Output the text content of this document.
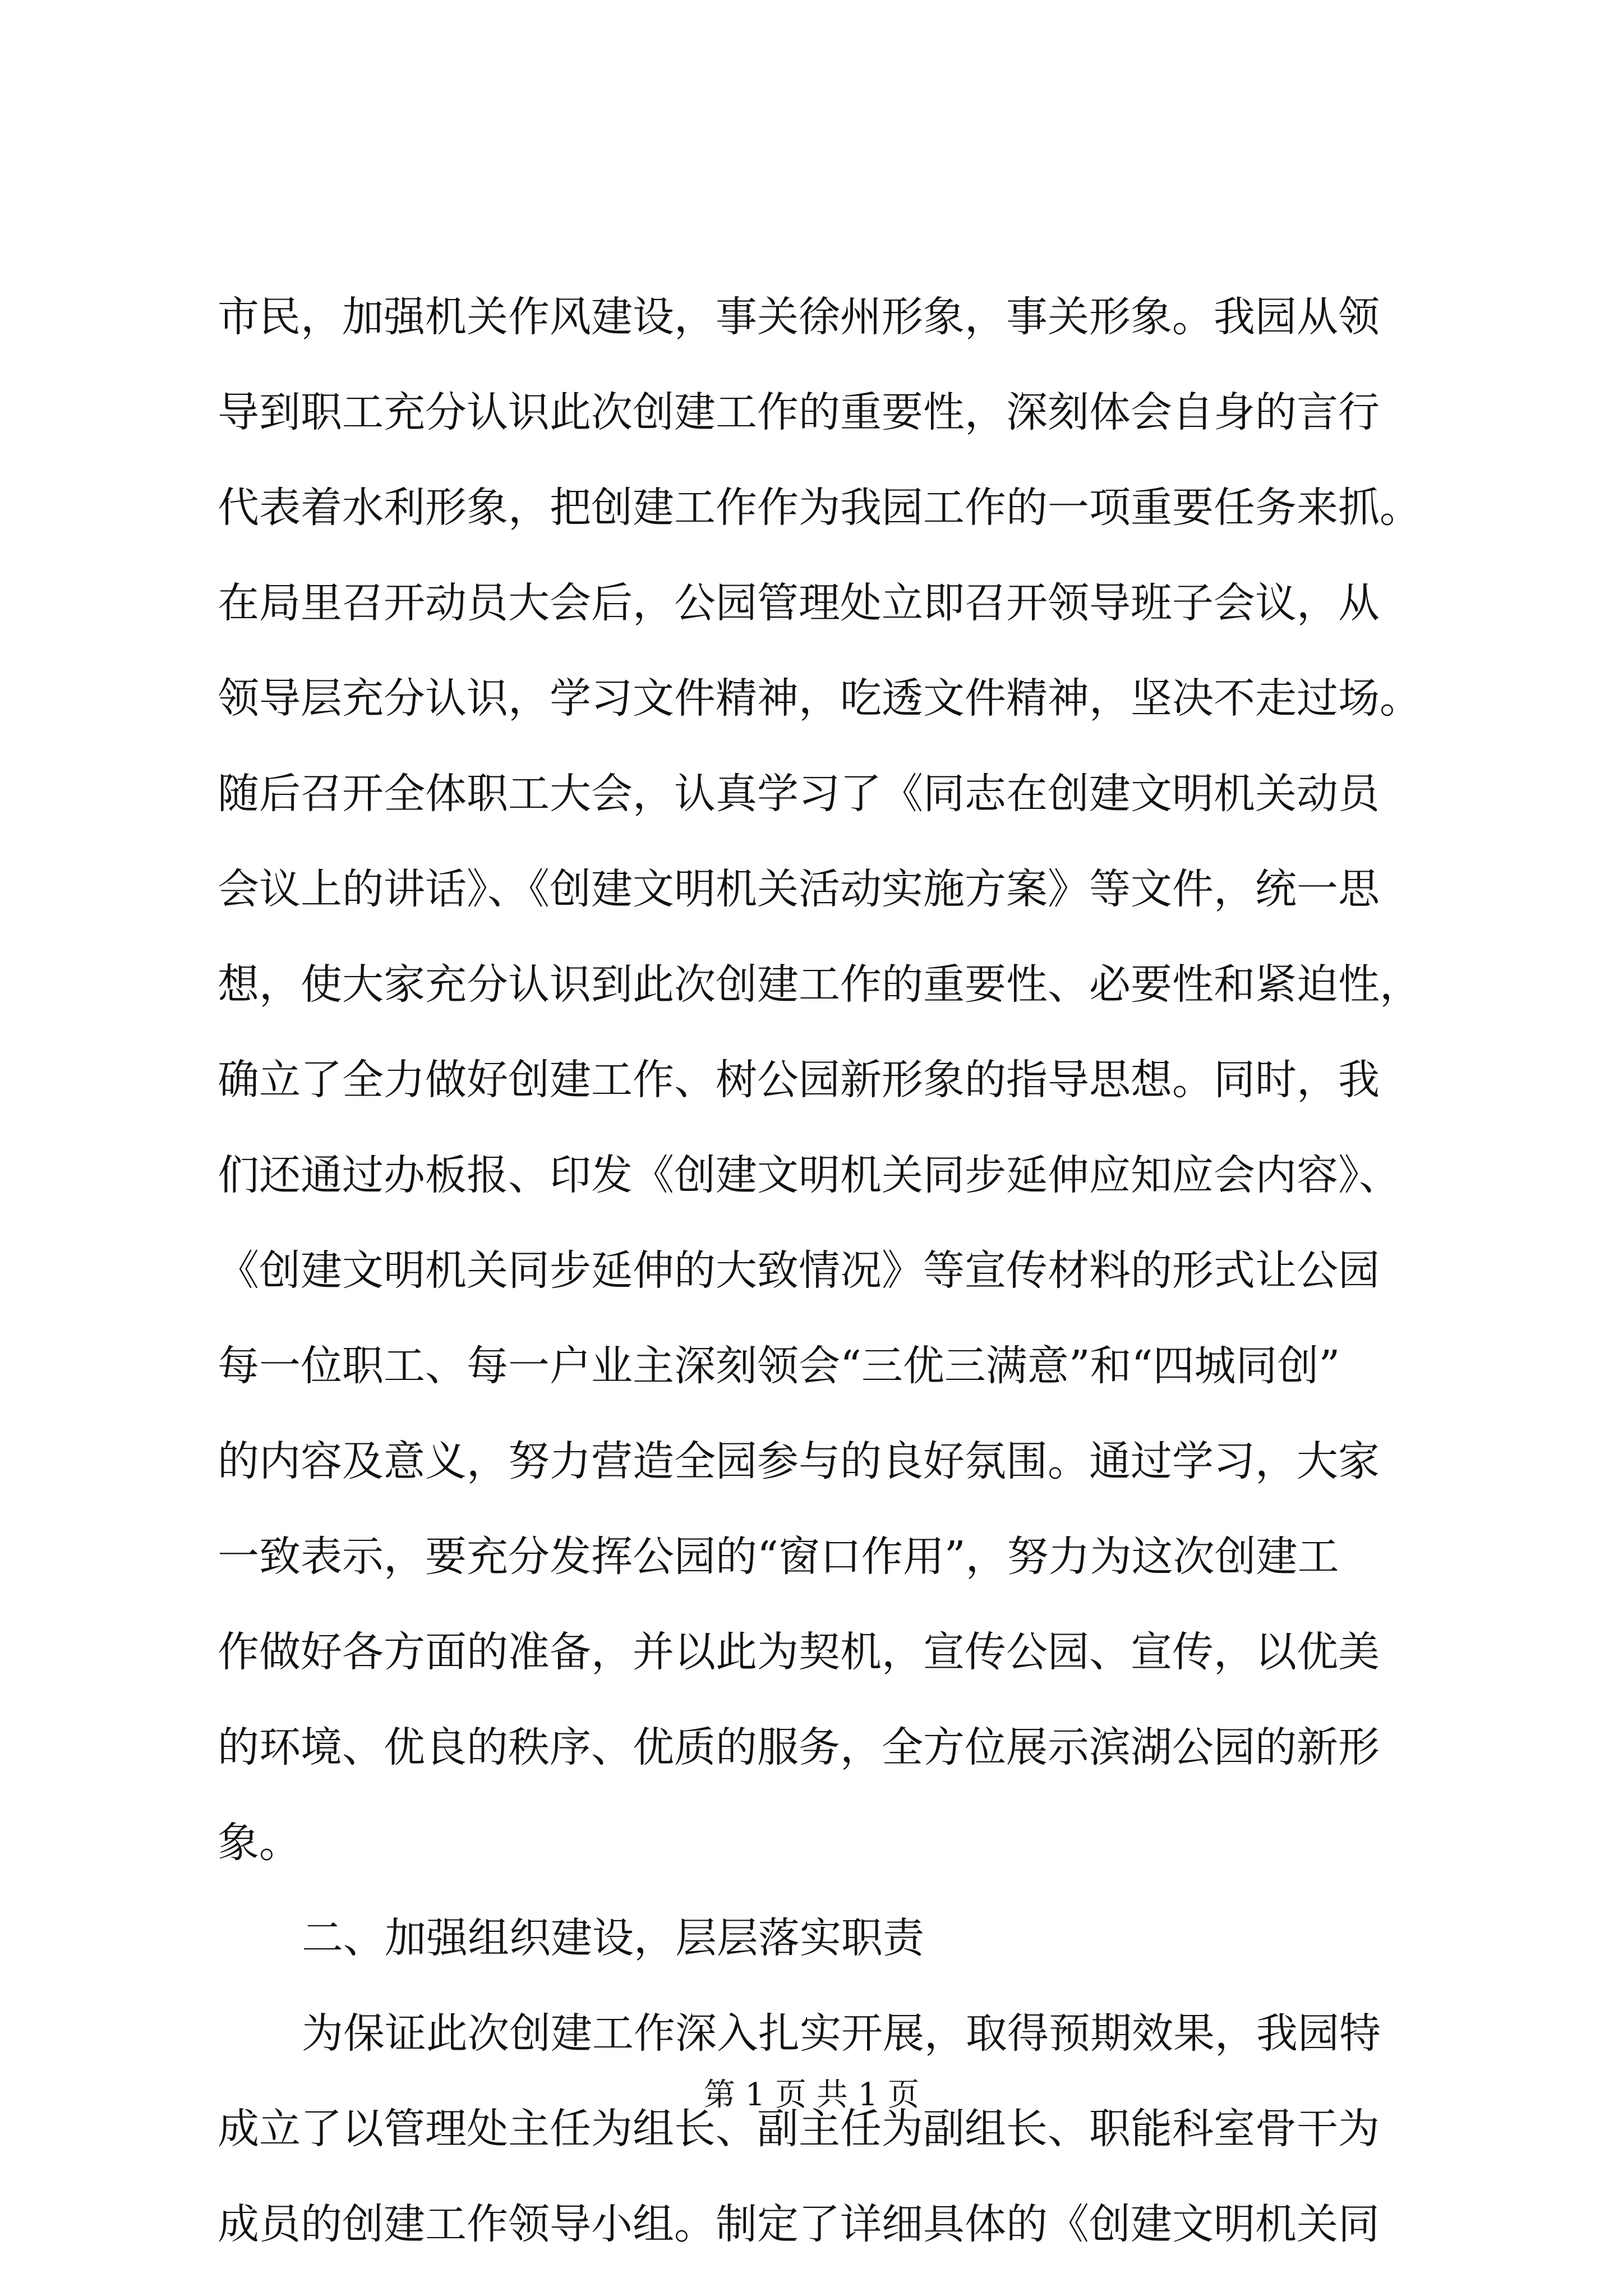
市民，加强机关作风建设，事关徐州形象，事关形象。我园从领
导到职工充分认识此次创建工作的重要性，深刻体会自身的言行
代表着水利形象，把创建工作作为我园工作的一项重要任务来抓。
在局里召开动员大会后，公园管理处立即召开领导班子会议，从
领导层充分认识，学习文件精神，吃透文件精神，坚决不走过场。
随后召开全体职工大会，认真学习了《同志在创建文明机关动员
会议上的讲话》、《创建文明机关活动实施方案》等文件，统一思
想，使大家充分认识到此次创建工作的重要性、必要性和紧迫性，
确立了全力做好创建工作、树公园新形象的指导思想。同时，我
们还通过办板报、印发《创建文明机关同步延伸应知应会内容》、
《创建文明机关同步延伸的大致情况》等宣传材料的形式让公园
每一位职工、每一户业主深刻领会“三优三满意”和“四城同创”
的内容及意义，努力营造全园参与的良好氛围。通过学习，大家
一致表示，要充分发挥公园的“窗口作用”，努力为这次创建工
作做好各方面的准备，并以此为契机，宣传公园、宣传，以优美
的环境、优良的秩序、优质的服务，全方位展示滨湖公园的新形
象。
二、加强组织建设，层层落实职责
为保证此次创建工作深入扎实开展，取得预期效果，我园特
成立了以管理处主任为组长、副主任为副组长、职能科室骨干为
成员的创建工作领导小组。制定了详细具体的《创建文明机关同
第 1 页 共 1 页
